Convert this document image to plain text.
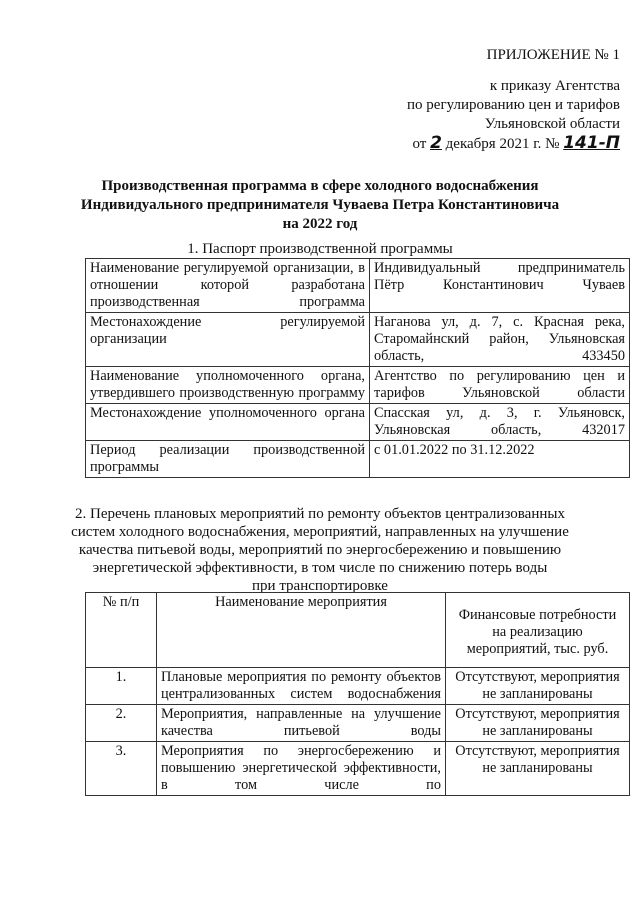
ПРИЛОЖЕНИЕ № 1
к приказу Агентства
по регулированию цен и тарифов
Ульяновской области
от 2 декабря 2021 г. № 141-П
Производственная программа в сфере холодного водоснабжения
Индивидуального предпринимателя Чуваева Петра Константиновича
на 2022 год
1. Паспорт производственной программы
Наименование регулируемой организации, в отношении которой разработана производственная программа	Индивидуальный предприниматель Пётр Константинович Чуваев
Местонахождение регулируемой организации	Наганова ул, д. 7, с. Красная река, Старомайнский район, Ульяновская область, 433450
Наименование уполномоченного органа, утвердившего производственную программу	Агентство по регулированию цен и тарифов Ульяновской области
Местонахождение уполномоченного органа	Спасская ул, д. 3, г. Ульяновск, Ульяновская область, 432017
Период реализации производственной программы	с 01.01.2022 по 31.12.2022
2. Перечень плановых мероприятий по ремонту объектов централизованных
систем холодного водоснабжения, мероприятий, направленных на улучшение
качества питьевой воды, мероприятий по энергосбережению и повышению
энергетической эффективности, в том числе по снижению потерь воды
при транспортировке
№ п/п	Наименование мероприятия	Финансовые потребности на реализацию мероприятий, тыс. руб.
1.	Плановые мероприятия по ремонту объектов централизованных систем водоснабжения	Отсутствуют, мероприятия не запланированы
2.	Мероприятия, направленные на улучшение качества питьевой воды	Отсутствуют, мероприятия не запланированы
3.	Мероприятия по энергосбережению и повышению энергетической эффективности, в том числе по	Отсутствуют, мероприятия не запланированы
